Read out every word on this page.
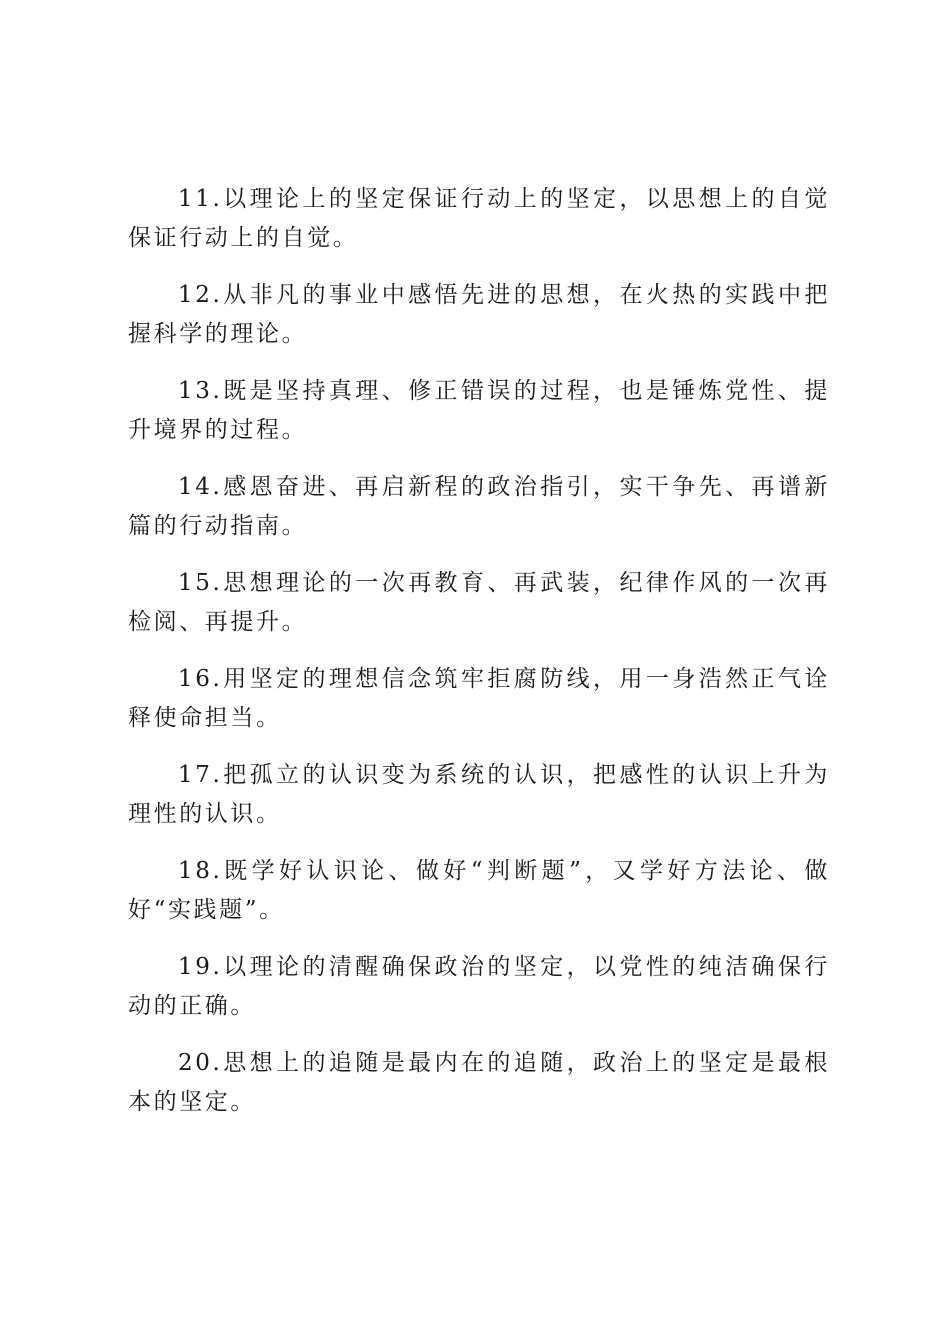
11.以理论上的坚定保证行动上的坚定，以思想上的自觉保证行动上的自觉。

12.从非凡的事业中感悟先进的思想，在火热的实践中把握科学的理论。

13.既是坚持真理、修正错误的过程，也是锤炼党性、提升境界的过程。

14.感恩奋进、再启新程的政治指引，实干争先、再谱新篇的行动指南。

15.思想理论的一次再教育、再武装，纪律作风的一次再检阅、再提升。

16.用坚定的理想信念筑牢拒腐防线，用一身浩然正气诠释使命担当。

17.把孤立的认识变为系统的认识，把感性的认识上升为理性的认识。

18.既学好认识论、做好“判断题”，又学好方法论、做好“实践题”。

19.以理论的清醒确保政治的坚定，以党性的纯洁确保行动的正确。

20.思想上的追随是最内在的追随，政治上的坚定是最根本的坚定。
